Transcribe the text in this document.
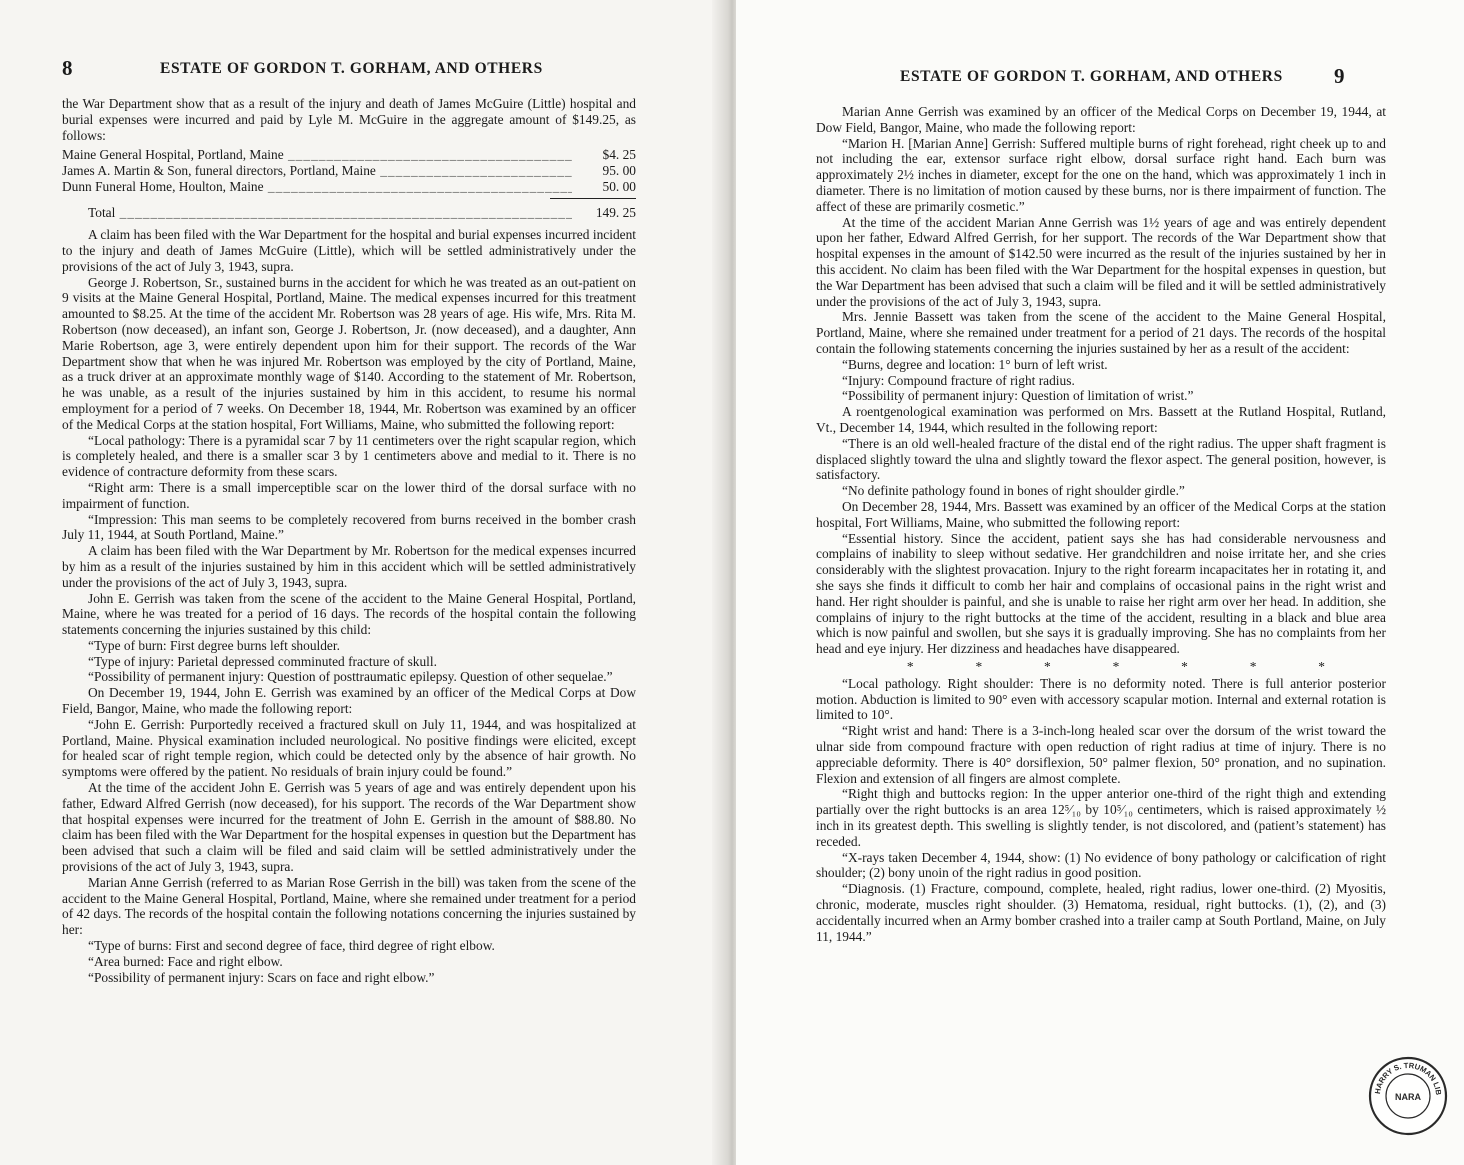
8	ESTATE OF GORDON T. GORHAM, AND OTHERS

the War Department show that as a result of the injury and death of James McGuire (Little) hospital and burial expenses were incurred and paid by Lyle M. McGuire in the aggregate amount of $149.25, as follows:

Maine General Hospital, Portland, Maine _____	$4. 25
James A. Martin & Son, funeral directors, Portland, Maine _____	95. 00
Dunn Funeral Home, Houlton, Maine _____	50. 00
Total _____	149. 25

A claim has been filed with the War Department for the hospital and burial expenses incurred incident to the injury and death of James McGuire (Little), which will be settled administratively under the provisions of the act of July 3, 1943, supra.

George J. Robertson, Sr., sustained burns in the accident for which he was treated as an out-patient on 9 visits at the Maine General Hospital, Portland, Maine. The medical expenses incurred for this treatment amounted to $8.25. At the time of the accident Mr. Robertson was 28 years of age. His wife, Mrs. Rita M. Robertson (now deceased), an infant son, George J. Robertson, Jr. (now deceased), and a daughter, Ann Marie Robertson, age 3, were entirely dependent upon him for their support. The records of the War Department show that when he was injured Mr. Robertson was employed by the city of Portland, Maine, as a truck driver at an approximate monthly wage of $140. According to the statement of Mr. Robertson, he was unable, as a result of the injuries sustained by him in this accident, to resume his normal employment for a period of 7 weeks. On December 18, 1944, Mr. Robertson was examined by an officer of the Medical Corps at the station hospital, Fort Williams, Maine, who submitted the following report:

“Local pathology: There is a pyramidal scar 7 by 11 centimeters over the right scapular region, which is completely healed, and there is a smaller scar 3 by 1 centimeters above and medial to it. There is no evidence of contracture deformity from these scars.

“Right arm: There is a small imperceptible scar on the lower third of the dorsal surface with no impairment of function.

“Impression: This man seems to be completely recovered from burns received in the bomber crash July 11, 1944, at South Portland, Maine.”

A claim has been filed with the War Department by Mr. Robertson for the medical expenses incurred by him as a result of the injuries sustained by him in this accident which will be settled administratively under the provisions of the act of July 3, 1943, supra.

John E. Gerrish was taken from the scene of the accident to the Maine General Hospital, Portland, Maine, where he was treated for a period of 16 days. The records of the hospital contain the following statements concerning the injuries sustained by this child:

“Type of burn: First degree burns left shoulder.

“Type of injury: Parietal depressed comminuted fracture of skull.

“Possibility of permanent injury: Question of posttraumatic epilepsy. Question of other sequelae.”

On December 19, 1944, John E. Gerrish was examined by an officer of the Medical Corps at Dow Field, Bangor, Maine, who made the following report:

“John E. Gerrish: Purportedly received a fractured skull on July 11, 1944, and was hospitalized at Portland, Maine. Physical examination included neurological. No positive findings were elicited, except for healed scar of right temple region, which could be detected only by the absence of hair growth. No symptoms were offered by the patient. No residuals of brain injury could be found.”

At the time of the accident John E. Gerrish was 5 years of age and was entirely dependent upon his father, Edward Alfred Gerrish (now deceased), for his support. The records of the War Department show that hospital expenses were incurred for the treatment of John E. Gerrish in the amount of $88.80. No claim has been filed with the War Department for the hospital expenses in question but the Department has been advised that such a claim will be filed and said claim will be settled administratively under the provisions of the act of July 3, 1943, supra.

Marian Anne Gerrish (referred to as Marian Rose Gerrish in the bill) was taken from the scene of the accident to the Maine General Hospital, Portland, Maine, where she remained under treatment for a period of 42 days. The records of the hospital contain the following notations concerning the injuries sustained by her:

“Type of burns: First and second degree of face, third degree of right elbow.

“Area burned: Face and right elbow.

“Possibility of permanent injury: Scars on face and right elbow.”

ESTATE OF GORDON T. GORHAM, AND OTHERS 9

Marian Anne Gerrish was examined by an officer of the Medical Corps on December 19, 1944, at Dow Field, Bangor, Maine, who made the following report:

“Marion H. [Marian Anne] Gerrish: Suffered multiple burns of right forehead, right cheek up to and not including the ear, extensor surface right elbow, dorsal surface right hand. Each burn was approximately 2½ inches in diameter, except for the one on the hand, which was approximately 1 inch in diameter. There is no limitation of motion caused by these burns, nor is there impairment of function. The affect of these are primarily cosmetic.”

At the time of the accident Marian Anne Gerrish was 1½ years of age and was entirely dependent upon her father, Edward Alfred Gerrish, for her support. The records of the War Department show that hospital expenses in the amount of $142.50 were incurred as the result of the injuries sustained by her in this accident. No claim has been filed with the War Department for the hospital expenses in question, but the War Department has been advised that such a claim will be filed and it will be settled administratively under the provisions of the act of July 3, 1943, supra.

Mrs. Jennie Bassett was taken from the scene of the accident to the Maine General Hospital, Portland, Maine, where she remained under treatment for a period of 21 days. The records of the hospital contain the following statements concerning the injuries sustained by her as a result of the accident:

“Burns, degree and location: 1° burn of left wrist.

“Injury: Compound fracture of right radius.

“Possibility of permanent injury: Question of limitation of wrist.”

A roentgenological examination was performed on Mrs. Bassett at the Rutland Hospital, Rutland, Vt., December 14, 1944, which resulted in the following report:

“There is an old well-healed fracture of the distal end of the right radius. The upper shaft fragment is displaced slightly toward the ulna and slightly toward the flexor aspect. The general position, however, is satisfactory.

“No definite pathology found in bones of right shoulder girdle.”

On December 28, 1944, Mrs. Bassett was examined by an officer of the Medical Corps at the station hospital, Fort Williams, Maine, who submitted the following report:

“Essential history. Since the accident, patient says she has had considerable nervousness and complains of inability to sleep without sedative. Her grandchildren and noise irritate her, and she cries considerably with the slightest provacation. Injury to the right forearm incapacitates her in rotating it, and she says she finds it difficult to comb her hair and complains of occasional pains in the right wrist and hand. Her right shoulder is painful, and she is unable to raise her right arm over her head. In addition, she complains of injury to the right buttocks at the time of the accident, resulting in a black and blue area which is now painful and swollen, but she says it is gradually improving. She has no complaints from her head and eye injury. Her dizziness and headaches have disappeared.

*	*	*	*	*	*	*

“Local pathology. Right shoulder: There is no deformity noted. There is full anterior posterior motion. Abduction is limited to 90° even with accessory scapular motion. Internal and external rotation is limited to 10°.

“Right wrist and hand: There is a 3-inch-long healed scar over the dorsum of the wrist toward the ulnar side from compound fracture with open reduction of right radius at time of injury. There is no appreciable deformity. There is 40° dorsiflexion, 50° palmer flexion, 50° pronation, and no supination. Flexion and extension of all fingers are almost complete.

“Right thigh and buttocks region: In the upper anterior one-third of the right thigh and extending partially over the right buttocks is an area 12⁵⁄₁₀ by 10⁵⁄₁₀ centimeters, which is raised approximately ½ inch in its greatest depth. This swelling is slightly tender, is not discolored, and (patient’s statement) has receded.

“X-rays taken December 4, 1944, show: (1) No evidence of bony pathology or calcification of right shoulder; (2) bony unoin of the right radius in good position.

“Diagnosis. (1) Fracture, compound, complete, healed, right radius, lower one-third. (2) Myositis, chronic, moderate, muscles right shoulder. (3) Hematoma, residual, right buttocks. (1), (2), and (3) accidentally incurred when an Army bomber crashed into a trailer camp at South Portland, Maine, on July 11, 1944.”

HARRY S. TRUMAN LIB
NARA
